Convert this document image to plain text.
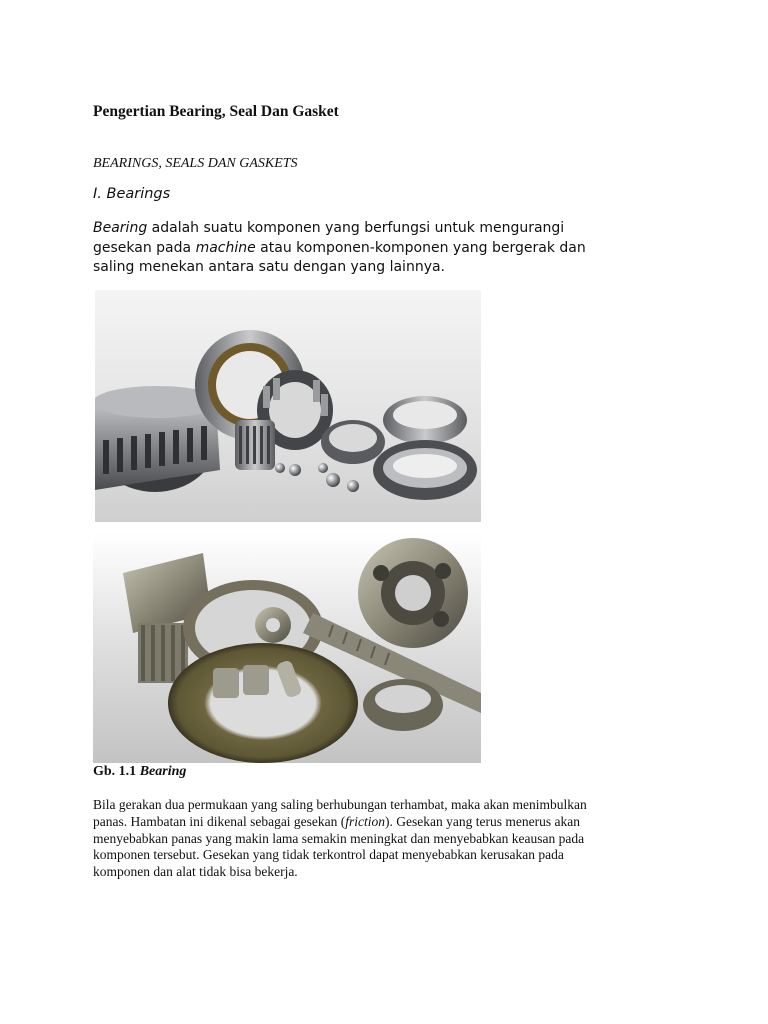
Pengertian Bearing, Seal Dan Gasket
BEARINGS, SEALS DAN GASKETS
I. Bearings
Bearing adalah suatu komponen yang berfungsi untuk mengurangi
gesekan pada machine atau komponen-komponen yang bergerak dan
saling menekan antara satu dengan yang lainnya.
Gb. 1.1 Bearing
Bila gerakan dua permukaan yang saling berhubungan terhambat, maka akan menimbulkan
panas. Hambatan ini dikenal sebagai gesekan (friction). Gesekan yang terus menerus akan
menyebabkan panas yang makin lama semakin meningkat dan menyebabkan keausan pada
komponen tersebut. Gesekan yang tidak terkontrol dapat menyebabkan kerusakan pada
komponen dan alat tidak bisa bekerja.
